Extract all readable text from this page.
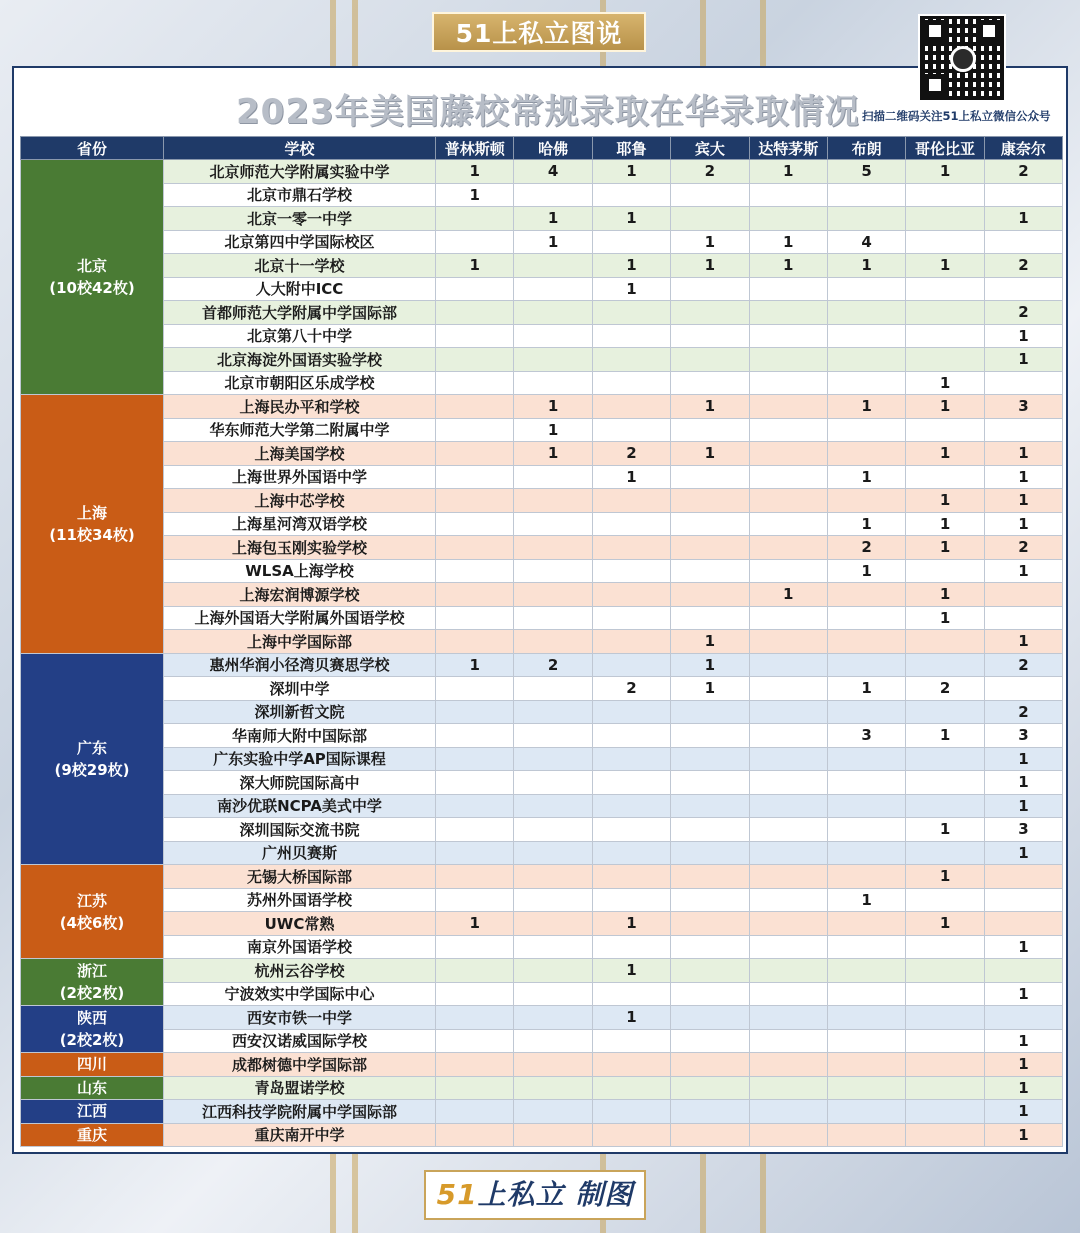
51上私立图说
2023年美国藤校常规录取在华录取情况 扫描二维码关注51上私立微信公众号
省份	学校	普林斯顿	哈佛	耶鲁	宾大	达特茅斯	布朗	哥伦比亚	康奈尔

北京
(10校42枚)	北京师范大学附属实验中学	1	4	1	2	1	5	1	2
	北京市鼎石学校	1							
	北京一零一中学		1	1					1
	北京第四中学国际校区		1		1	1	4		
	北京十一学校	1		1	1	1	1	1	2
	人大附中ICC			1					
	首都师范大学附属中学国际部								2
	北京第八十中学								1
	北京海淀外国语实验学校								1
	北京市朝阳区乐成学校							1	

上海
(11校34枚)	上海民办平和学校		1		1		1	1	3
	华东师范大学第二附属中学		1						
	上海美国学校		1	2	1			1	1
	上海世界外国语中学			1			1		1
	上海中芯学校							1	1
	上海星河湾双语学校						1	1	1
	上海包玉刚实验学校						2	1	2
	WLSA上海学校						1		1
	上海宏润博源学校					1		1	
	上海外国语大学附属外国语学校							1	
	上海中学国际部				1				1

广东
(9校29枚)	惠州华润小径湾贝赛思学校	1	2		1				2
	深圳中学			2	1		1	2	
	深圳新哲文院								2
	华南师大附中国际部						3	1	3
	广东实验中学AP国际课程								1
	深大师院国际高中								1
	南沙优联NCPA美式中学								1
	深圳国际交流书院							1	3
	广州贝赛斯								1

江苏
(4校6枚)	无锡大桥国际部							1	
	苏州外国语学校						1		
	UWC常熟	1		1				1	
	南京外国语学校								1

浙江
(2校2枚)	杭州云谷学校			1					
	宁波效实中学国际中心								1

陕西
(2校2枚)	西安市铁一中学			1					
	西安汉诺威国际学校								1

四川	成都树德中学国际部								1

山东	青岛盟诺学校								1

江西	江西科技学院附属中学国际部								1

重庆	重庆南开中学								1
51上私立 制图
